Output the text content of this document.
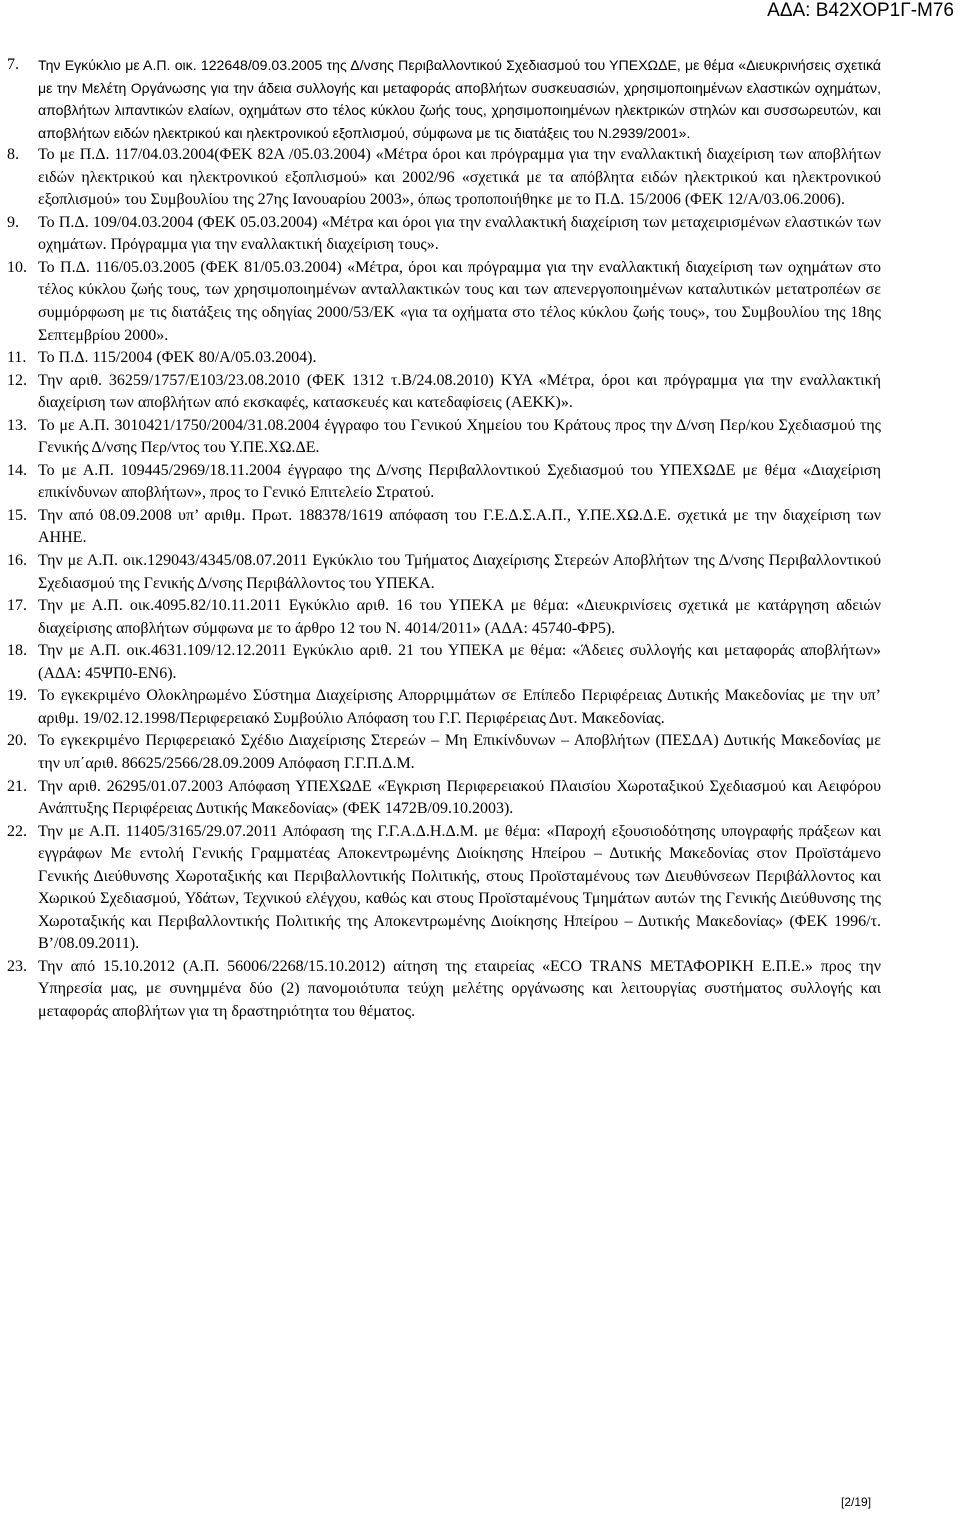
ΑΔΑ: Β42ΧΟΡ1Γ-Μ76
7.	Την Εγκύκλιο με Α.Π. οικ. 122648/09.03.2005 της Δ/νσης Περιβαλλοντικού Σχεδιασμού του ΥΠΕΧΩΔΕ, με θέμα «Διευκρινήσεις σχετικά με την Μελέτη Οργάνωσης για την άδεια συλλογής και μεταφοράς αποβλήτων συσκευασιών, χρησιμοποιημένων ελαστικών οχημάτων, αποβλήτων λιπαντικών ελαίων, οχημάτων στο τέλος κύκλου ζωής τους, χρησιμοποιημένων ηλεκτρικών στηλών και συσσωρευτών, και αποβλήτων ειδών ηλεκτρικού και ηλεκτρονικού εξοπλισμού, σύμφωνα με τις διατάξεις του Ν.2939/2001».
8.	Το με Π.Δ. 117/04.03.2004(ΦΕΚ 82Α /05.03.2004) «Μέτρα όροι και πρόγραμμα για την εναλλακτική διαχείριση των αποβλήτων ειδών ηλεκτρικού και ηλεκτρονικού εξοπλισμού» και 2002/96 «σχετικά με τα απόβλητα ειδών ηλεκτρικού και ηλεκτρονικού εξοπλισμού» του Συμβουλίου της 27ης Ιανουαρίου 2003», όπως τροποποιήθηκε με το Π.Δ. 15/2006 (ΦΕΚ 12/Α/03.06.2006).
9.	Το Π.Δ. 109/04.03.2004 (ΦΕΚ 05.03.2004) «Μέτρα και όροι για την εναλλακτική διαχείριση των μεταχειρισμένων ελαστικών των οχημάτων. Πρόγραμμα για την εναλλακτική διαχείριση τους».
10. Το Π.Δ. 116/05.03.2005 (ΦΕΚ 81/05.03.2004) «Μέτρα, όροι και πρόγραμμα για την εναλλακτική διαχείριση των οχημάτων στο τέλος κύκλου ζωής τους, των χρησιμοποιημένων ανταλλακτικών τους και των απενεργοποιημένων καταλυτικών μετατροπέων σε συμμόρφωση με τις διατάξεις της οδηγίας 2000/53/ΕΚ «για τα οχήματα στο τέλος κύκλου ζωής τους», του Συμβουλίου της 18ης Σεπτεμβρίου 2000».
11. Το Π.Δ. 115/2004 (ΦΕΚ 80/Α/05.03.2004).
12. Την αριθ. 36259/1757/Ε103/23.08.2010 (ΦΕΚ 1312 τ.Β/24.08.2010) ΚΥΑ «Μέτρα, όροι και πρόγραμμα για την εναλλακτική διαχείριση των αποβλήτων από εκσκαφές, κατασκευές και κατεδαφίσεις (ΑΕΚΚ)».
13. Το με Α.Π. 3010421/1750/2004/31.08.2004 έγγραφο του Γενικού Χημείου του Κράτους προς την Δ/νση Περ/κου Σχεδιασμού της Γενικής Δ/νσης Περ/ντος του Υ.ΠΕ.ΧΩ.ΔΕ.
14. Το με Α.Π. 109445/2969/18.11.2004 έγγραφο της Δ/νσης Περιβαλλοντικού Σχεδιασμού του ΥΠΕΧΩΔΕ με θέμα «Διαχείριση επικίνδυνων αποβλήτων», προς το Γενικό Επιτελείο Στρατού.
15. Την από 08.09.2008 υπ’ αριθμ. Πρωτ. 188378/1619 απόφαση του Γ.Ε.Δ.Σ.Α.Π., Υ.ΠΕ.ΧΩ.Δ.Ε. σχετικά με την διαχείριση των ΑΗΗΕ.
16. Την με Α.Π. οικ.129043/4345/08.07.2011 Εγκύκλιο του Τμήματος Διαχείρισης Στερεών Αποβλήτων της Δ/νσης Περιβαλλοντικού Σχεδιασμού της Γενικής Δ/νσης Περιβάλλοντος του ΥΠΕΚΑ.
17. Την με Α.Π. οικ.4095.82/10.11.2011 Εγκύκλιο αριθ. 16 του ΥΠΕΚΑ με θέμα: «Διευκρινίσεις σχετικά με κατάργηση αδειών διαχείρισης αποβλήτων σύμφωνα με το άρθρο 12 του Ν. 4014/2011» (ΑΔΑ: 45740-ΦΡ5).
18. Την με Α.Π. οικ.4631.109/12.12.2011 Εγκύκλιο αριθ. 21 του ΥΠΕΚΑ με θέμα: «Άδειες συλλογής και μεταφοράς αποβλήτων» (ΑΔΑ: 45ΨΠ0-ΕΝ6).
19. Το εγκεκριμένο Ολοκληρωμένο Σύστημα Διαχείρισης Απορριμμάτων σε Επίπεδο Περιφέρειας Δυτικής Μακεδονίας με την υπ’ αριθμ. 19/02.12.1998/Περιφερειακό Συμβούλιο Απόφαση του Γ.Γ. Περιφέρειας Δυτ. Μακεδονίας.
20. Το εγκεκριμένο Περιφερειακό Σχέδιο Διαχείρισης Στερεών – Μη Επικίνδυνων – Αποβλήτων (ΠΕΣΔΑ) Δυτικής Μακεδονίας με την υπ΄αριθ. 86625/2566/28.09.2009 Απόφαση Γ.Γ.Π.Δ.Μ.
21. Την αριθ. 26295/01.07.2003 Απόφαση ΥΠΕΧΩΔΕ «Έγκριση Περιφερειακού Πλαισίου Χωροταξικού Σχεδιασμού και Αειφόρου Ανάπτυξης Περιφέρειας Δυτικής Μακεδονίας» (ΦΕΚ 1472Β/09.10.2003).
22. Την με Α.Π. 11405/3165/29.07.2011 Απόφαση της Γ.Γ.Α.Δ.Η.Δ.Μ. με θέμα: «Παροχή εξουσιοδότησης υπογραφής πράξεων και εγγράφων Με εντολή Γενικής Γραμματέας Αποκεντρωμένης Διοίκησης Ηπείρου – Δυτικής Μακεδονίας στον Προϊστάμενο Γενικής Διεύθυνσης Χωροταξικής και Περιβαλλοντικής Πολιτικής, στους Προϊσταμένους των Διευθύνσεων Περιβάλλοντος και Χωρικού Σχεδιασμού, Υδάτων, Τεχνικού ελέγχου, καθώς και στους Προϊσταμένους Τμημάτων αυτών της Γενικής Διεύθυνσης της Χωροταξικής και Περιβαλλοντικής Πολιτικής της Αποκεντρωμένης Διοίκησης Ηπείρου – Δυτικής Μακεδονίας» (ΦΕΚ 1996/τ. Β’/08.09.2011).
23. Την από 15.10.2012 (Α.Π. 56006/2268/15.10.2012) αίτηση της εταιρείας «ECO TRANS ΜΕΤΑΦΟΡΙΚΗ Ε.Π.Ε.» προς την Υπηρεσία μας, με συνημμένα δύο (2) πανομοιότυπα τεύχη μελέτης οργάνωσης και λειτουργίας συστήματος συλλογής και μεταφοράς αποβλήτων για τη δραστηριότητα του θέματος.
[2/19]
